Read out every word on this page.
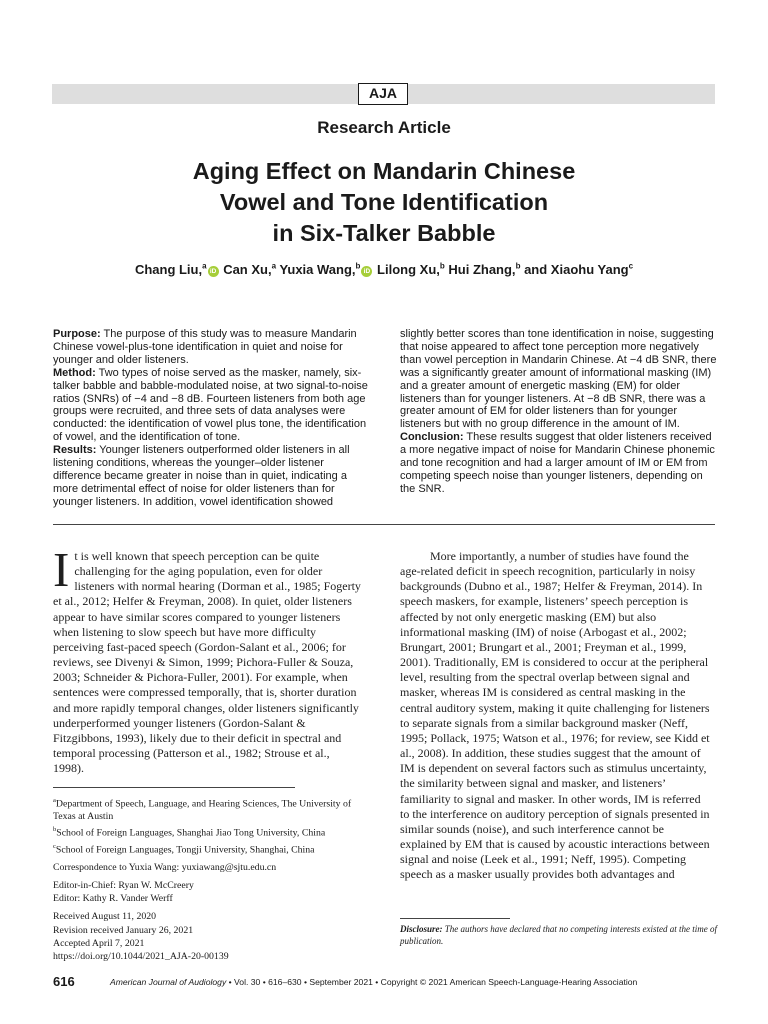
AJA
Research Article
Aging Effect on Mandarin Chinese
Vowel and Tone Identification
in Six-Talker Babble
Chang Liu,$^a$iD Can Xu,$^a$ Yuxia Wang,$^b$iD Lilong Xu,$^b$ Hui Zhang,$^b$ and Xiaohu Yang$^c$

Purpose: The purpose of this study was to measure Mandarin Chinese vowel-plus-tone identification in quiet and noise for younger and older listeners.

Method: Two types of noise served as the masker, namely, six-talker babble and babble-modulated noise, at two signal-to-noise ratios (SNRs) of −4 and −8 dB. Fourteen listeners from both age groups were recruited, and three sets of data analyses were conducted: the identification of vowel plus tone, the identification of vowel, and the identification of tone.

Results: Younger listeners outperformed older listeners in all listening conditions, whereas the younger–older listener difference became greater in noise than in quiet, indicating a more detrimental effect of noise for older listeners than for younger listeners. In addition, vowel identification showed

slightly better scores than tone identification in noise, suggesting that noise appeared to affect tone perception more negatively than vowel perception in Mandarin Chinese. At −4 dB SNR, there was a significantly greater amount of informational masking (IM) and a greater amount of energetic masking (EM) for older listeners than for younger listeners. At −8 dB SNR, there was a greater amount of EM for older listeners than for younger listeners but with no group difference in the amount of IM.

Conclusion: These results suggest that older listeners received a more negative impact of noise for Mandarin Chinese phonemic and tone recognition and had a larger amount of IM or EM from competing speech noise than younger listeners, depending on the SNR.

It is well known that speech perception can be quite challenging for the aging population, even for older listeners with normal hearing (Dorman et al., 1985; Fogerty et al., 2012; Helfer & Freyman, 2008). In quiet, older listeners appear to have similar scores compared to younger listeners when listening to slow speech but have more difficulty perceiving fast-paced speech (Gordon-Salant et al., 2006; for reviews, see Divenyi & Simon, 1999; Pichora-Fuller & Souza, 2003; Schneider & Pichora-Fuller, 2001). For example, when sentences were compressed temporally, that is, shorter duration and more rapidly temporal changes, older listeners significantly underperformed younger listeners (Gordon-Salant & Fitzgibbons, 1993), likely due to their deficit in spectral and temporal processing (Patterson et al., 1982; Strouse et al., 1998).

More importantly, a number of studies have found the age-related deficit in speech recognition, particularly in noisy backgrounds (Dubno et al., 1987; Helfer & Freyman, 2014). In speech maskers, for example, listeners’ speech perception is affected by not only energetic masking (EM) but also informational masking (IM) of noise (Arbogast et al., 2002; Brungart, 2001; Brungart et al., 2001; Freyman et al., 1999, 2001). Traditionally, EM is considered to occur at the peripheral level, resulting from the spectral overlap between signal and masker, whereas IM is considered as central masking in the central auditory system, making it quite challenging for listeners to separate signals from a similar background masker (Neff, 1995; Pollack, 1975; Watson et al., 1976; for review, see Kidd et al., 2008). In addition, these studies suggest that the amount of IM is dependent on several factors such as stimulus uncertainty, the similarity between signal and masker, and listeners’ familiarity to signal and masker. In other words, IM is referred to the interference on auditory perception of signals presented in similar sounds (noise), and such interference cannot be explained by EM that is caused by acoustic interactions between signal and noise (Leek et al., 1991; Neff, 1995). Competing speech as a masker usually provides both advantages and

$^a$Department of Speech, Language, and Hearing Sciences, The University of Texas at Austin

$^b$School of Foreign Languages, Shanghai Jiao Tong University, China

$^c$School of Foreign Languages, Tongji University, Shanghai, China

Correspondence to Yuxia Wang: yuxiawang@sjtu.edu.cn

Editor-in-Chief: Ryan W. McCreery

Editor: Kathy R. Vander Werff

Received August 11, 2020

Revision received January 26, 2021

Accepted April 7, 2021

https://doi.org/10.1044/2021_AJA-20-00139

Disclosure: The authors have declared that no competing interests existed at the time of publication.
616	American Journal of Audiology • Vol. 30 • 616–630 • September 2021 • Copyright © 2021 American Speech-Language-Hearing Association
